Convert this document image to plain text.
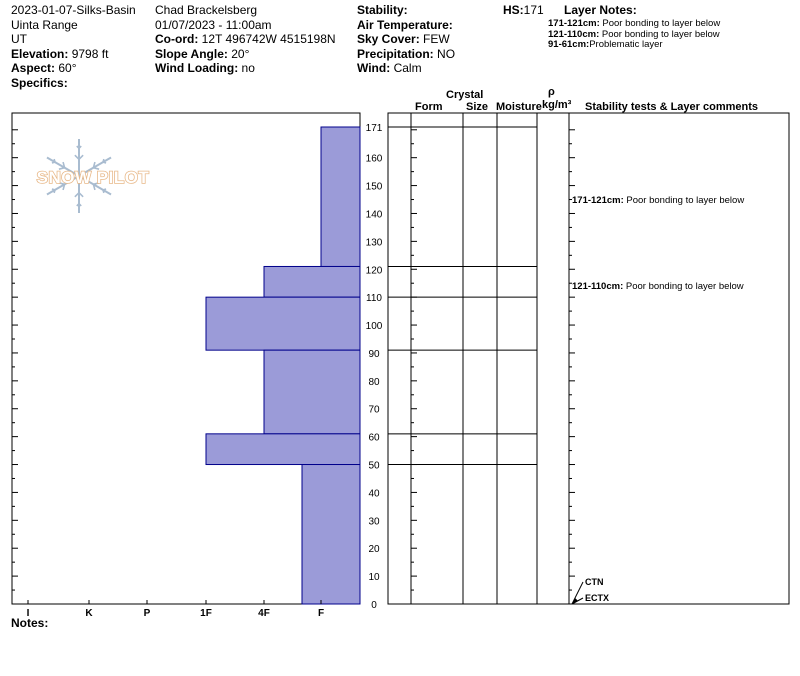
2023-01-07-Silks-Basin
Uinta Range
UT
Elevation: 9798 ft
Aspect: 60°
Specifics:
Chad Brackelsberg
01/07/2023 - 11:00am
Co-ord: 12T 496742W 4515198N
Slope Angle: 20°
Wind Loading: no
Stability:
Air Temperature:
Sky Cover: FEW
Precipitation: NO
Wind: Calm
HS:171 Layer Notes:
171-121cm: Poor bonding to layer below
121-110cm: Poor bonding to layer below
91-61cm:Problematic layer
Crystal
Form Size Moisture
ρ
kg/m³ Stability tests & Layer comments
Notes:
SNOW PILOT
I	K	P	1F	4F	F
0
10
20
30
40
50
60
70
80
90
100
110
120
130
140
150
160
171
171-121cm: Poor bonding to layer below
121-110cm: Poor bonding to layer below
CTN
ECTX
